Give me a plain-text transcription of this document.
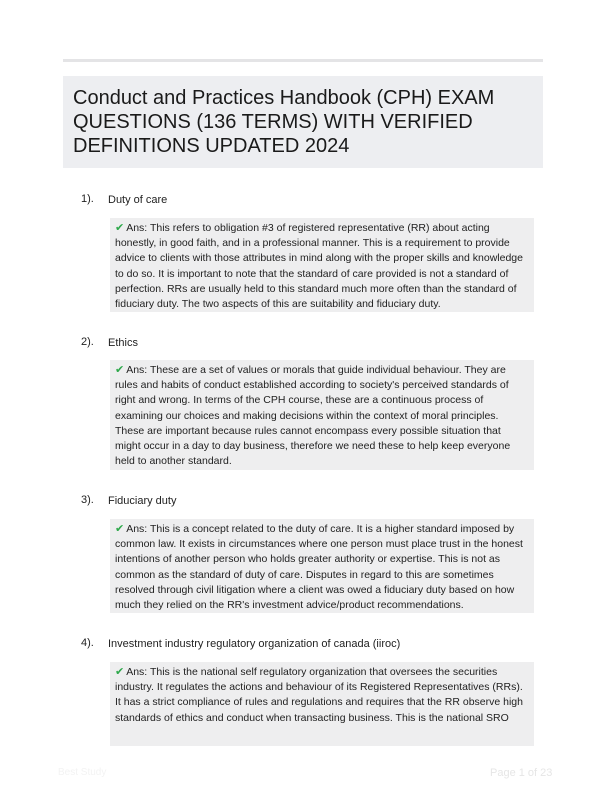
Conduct and Practices Handbook (CPH) EXAM QUESTIONS (136 TERMS) WITH VERIFIED DEFINITIONS UPDATED 2024
1). Duty of care
✔ Ans: This refers to obligation #3 of registered representative (RR) about acting honestly, in good faith, and in a professional manner. This is a requirement to provide advice to clients with those attributes in mind along with the proper skills and knowledge to do so. It is important to note that the standard of care provided is not a standard of perfection. RRs are usually held to this standard much more often than the standard of fiduciary duty. The two aspects of this are suitability and fiduciary duty.
2). Ethics
✔ Ans: These are a set of values or morals that guide individual behaviour. They are rules and habits of conduct established according to society's perceived standards of right and wrong. In terms of the CPH course, these are a continuous process of examining our choices and making decisions within the context of moral principles. These are important because rules cannot encompass every possible situation that might occur in a day to day business, therefore we need these to help keep everyone held to another standard.
3). Fiduciary duty
✔ Ans: This is a concept related to the duty of care. It is a higher standard imposed by common law. It exists in circumstances where one person must place trust in the honest intentions of another person who holds greater authority or expertise. This is not as common as the standard of duty of care. Disputes in regard to this are sometimes resolved through civil litigation where a client was owed a fiduciary duty based on how much they relied on the RR's investment advice/product recommendations.
4). Investment industry regulatory organization of canada (iiroc)
✔ Ans: This is the national self regulatory organization that oversees the securities industry. It regulates the actions and behaviour of its Registered Representatives (RRs). It has a strict compliance of rules and regulations and requires that the RR observe high standards of ethics and conduct when transacting business. This is the national SRO
Best Study	Page 1 of 23
